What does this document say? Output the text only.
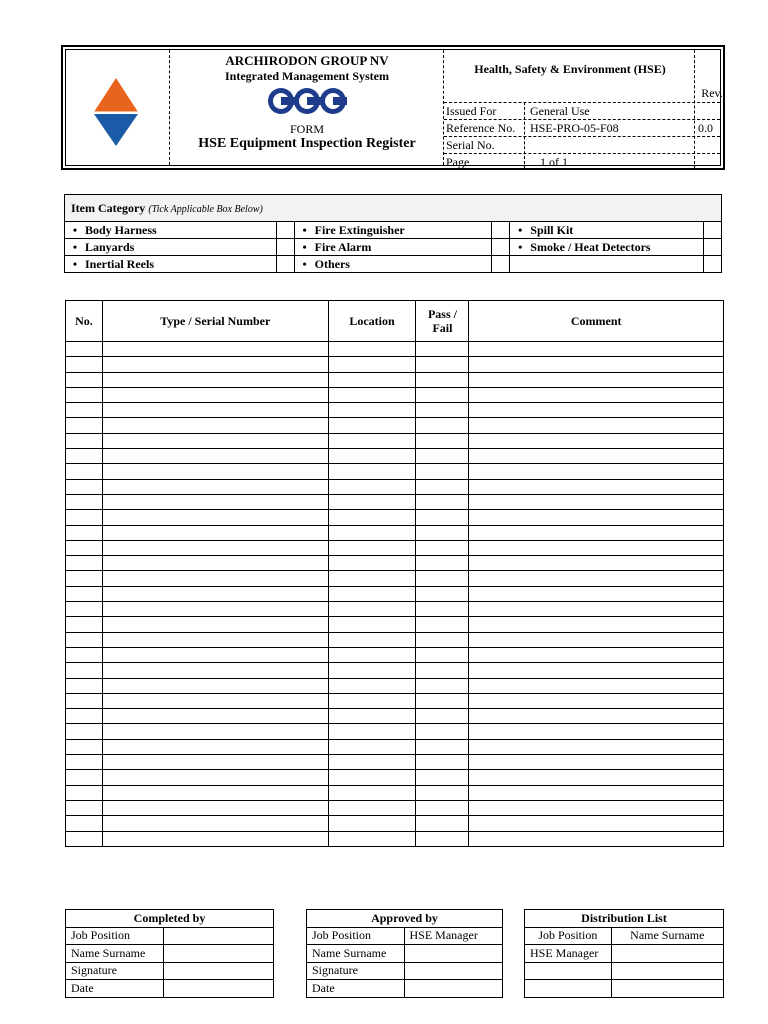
ARCHIRODON GROUP NV
Integrated Management System
FORM
HSE Equipment Inspection Register
Health, Safety & Environment (HSE)
Rev.
Issued For	General Use
Reference No. HSE-PRO-05-F08	0.0
Serial No.
Page	1 of 1
Item Category (Tick Applicable Box Below)					
• Body Harness		• Fire Extinguisher		• Spill Kit	
• Lanyards		• Fire Alarm		• Smoke / Heat Detectors	
• Inertial Reels		• Others			
No.	Type / Serial Number	Location	Pass / Fail	Comment

Completed by	
Job Position	
Name Surname	
Signature	
Date	
Approved by	
Job Position	HSE Manager
Name Surname	
Signature	
Date	
Distribution List	
Job Position	Name Surname
HSE Manager	
